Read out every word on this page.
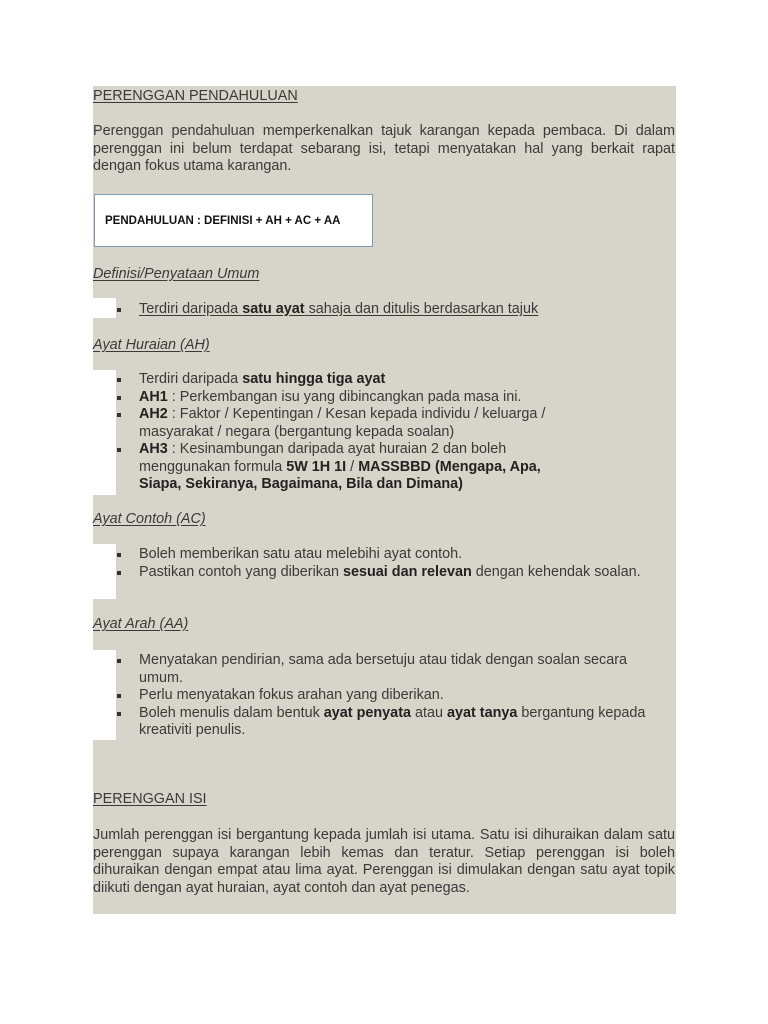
PERENGGAN PENDAHULUAN
Perenggan pendahuluan memperkenalkan tajuk karangan kepada pembaca. Di dalam perenggan ini belum terdapat sebarang isi, tetapi menyatakan hal yang berkait rapat dengan fokus utama karangan.
PENDAHULUAN : DEFINISI + AH + AC + AA
Definisi/Penyataan Umum
Terdiri daripada satu ayat sahaja dan ditulis berdasarkan tajuk
Ayat Huraian (AH)
Terdiri daripada satu hingga tiga ayat
AH1 : Perkembangan isu yang dibincangkan pada masa ini.
AH2 : Faktor / Kepentingan / Kesan kepada individu / keluarga / masyarakat / negara (bergantung kepada soalan)
AH3 : Kesinambungan daripada ayat huraian 2 dan boleh menggunakan formula 5W 1H 1I / MASSBBD (Mengapa, Apa, Siapa, Sekiranya, Bagaimana, Bila dan Dimana)
Ayat Contoh (AC)
Boleh memberikan satu atau melebihi ayat contoh.
Pastikan contoh yang diberikan sesuai dan relevan dengan kehendak soalan.
Ayat Arah (AA)
Menyatakan pendirian, sama ada bersetuju atau tidak dengan soalan secara umum.
Perlu menyatakan fokus arahan yang diberikan.
Boleh menulis dalam bentuk ayat penyata atau ayat tanya bergantung kepada kreativiti penulis.
PERENGGAN ISI
Jumlah perenggan isi bergantung kepada jumlah isi utama. Satu isi dihuraikan dalam satu perenggan supaya karangan lebih kemas dan teratur. Setiap perenggan isi boleh dihuraikan dengan empat atau lima ayat. Perenggan isi dimulakan dengan satu ayat topik diikuti dengan ayat huraian, ayat contoh dan ayat penegas.
